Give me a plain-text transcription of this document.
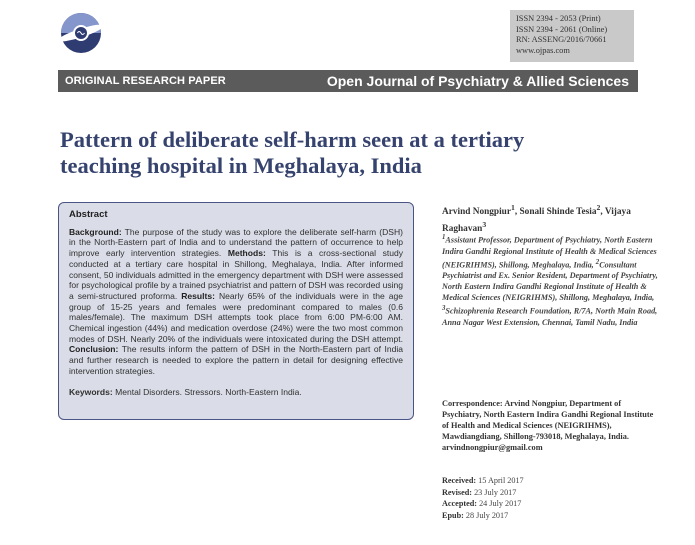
ISSN 2394 - 2053 (Print)
ISSN 2394 - 2061 (Online)
RN: ASSENG/2016/70661
www.ojpas.com
ORIGINAL RESEARCH PAPER	Open Journal of Psychiatry & Allied Sciences
Pattern of deliberate self-harm seen at a tertiary teaching hospital in Meghalaya, India
Abstract
Background: The purpose of the study was to explore the deliberate self-harm (DSH) in the North-Eastern part of India and to understand the pattern of occurrence to help improve early intervention strategies. Methods: This is a cross-sectional study conducted at a tertiary care hospital in Shillong, Meghalaya, India. After informed consent, 50 individuals admitted in the emergency department with DSH were assessed for psychological profile by a trained psychiatrist and pattern of DSH was recorded using a semi-structured proforma. Results: Nearly 65% of the individuals were in the age group of 15-25 years and females were predominant compared to males (0.6 males/female). The maximum DSH attempts took place from 6:00 PM-6:00 AM. Chemical ingestion (44%) and medication overdose (24%) were the two most common modes of DSH. Nearly 20% of the individuals were intoxicated during the DSH attempt. Conclusion: The results inform the pattern of DSH in the North-Eastern part of India and further research is needed to explore the pattern in detail for designing effective intervention strategies.
Keywords: Mental Disorders. Stressors. North-Eastern India.
Arvind Nongpiur$^1$, Sonali Shinde Tesia$^2$, Vijaya Raghavan$^3$
$^1$Assistant Professor, Department of Psychiatry, North Eastern Indira Gandhi Regional Institute of Health & Medical Sciences (NEIGRIHMS), Shillong, Meghalaya, India, $^2$Consultant Psychiatrist and Ex. Senior Resident, Department of Psychiatry, North Eastern Indira Gandhi Regional Institute of Health & Medical Sciences (NEIGRIHMS), Shillong, Meghalaya, India, $^3$Schizophrenia Research Foundation, R/7A, North Main Road, Anna Nagar West Extension, Chennai, Tamil Nadu, India
Correspondence: Arvind Nongpiur, Department of Psychiatry, North Eastern Indira Gandhi Regional Institute of Health and Medical Sciences (NEIGRIHMS), Mawdiangdiang, Shillong-793018, Meghalaya, India. arvindnongpiur@gmail.com
Received: 15 April 2017
Revised: 23 July 2017
Accepted: 24 July 2017
Epub: 28 July 2017
